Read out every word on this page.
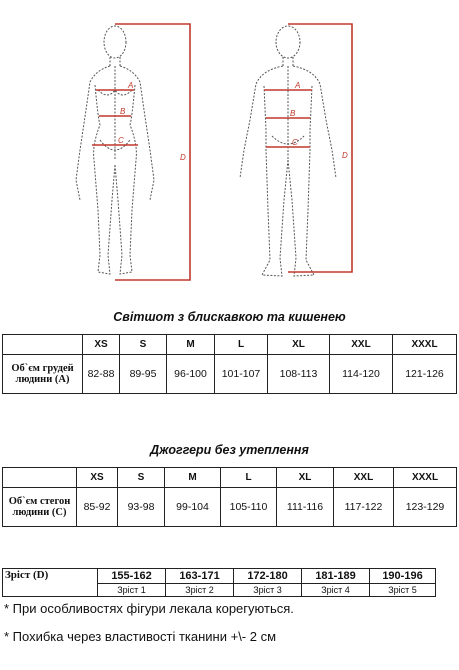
A
B
C
D
A
B
C
D
Світшот з блискавкою та кишенею
	XS	S	M	L	XL	XXL	XXXL
Об`єм грудей людини (А)	82-88	89-95	96-100	101-107	108-113	114-120	121-126
Джоггери без утеплення
	XS	S	M	L	XL	XXL	XXXL
Об`єм стегон людини (С)	85-92	93-98	99-104	105-110	111-116	117-122	123-129
Зріст (D)	155-162	163-171	172-180	181-189	190-196
	Зріст 1	Зріст 2	Зріст 3	Зріст 4	Зріст 5
* При особливостях фігури лекала корегуються.
* Похибка через властивості тканини +\- 2 см
